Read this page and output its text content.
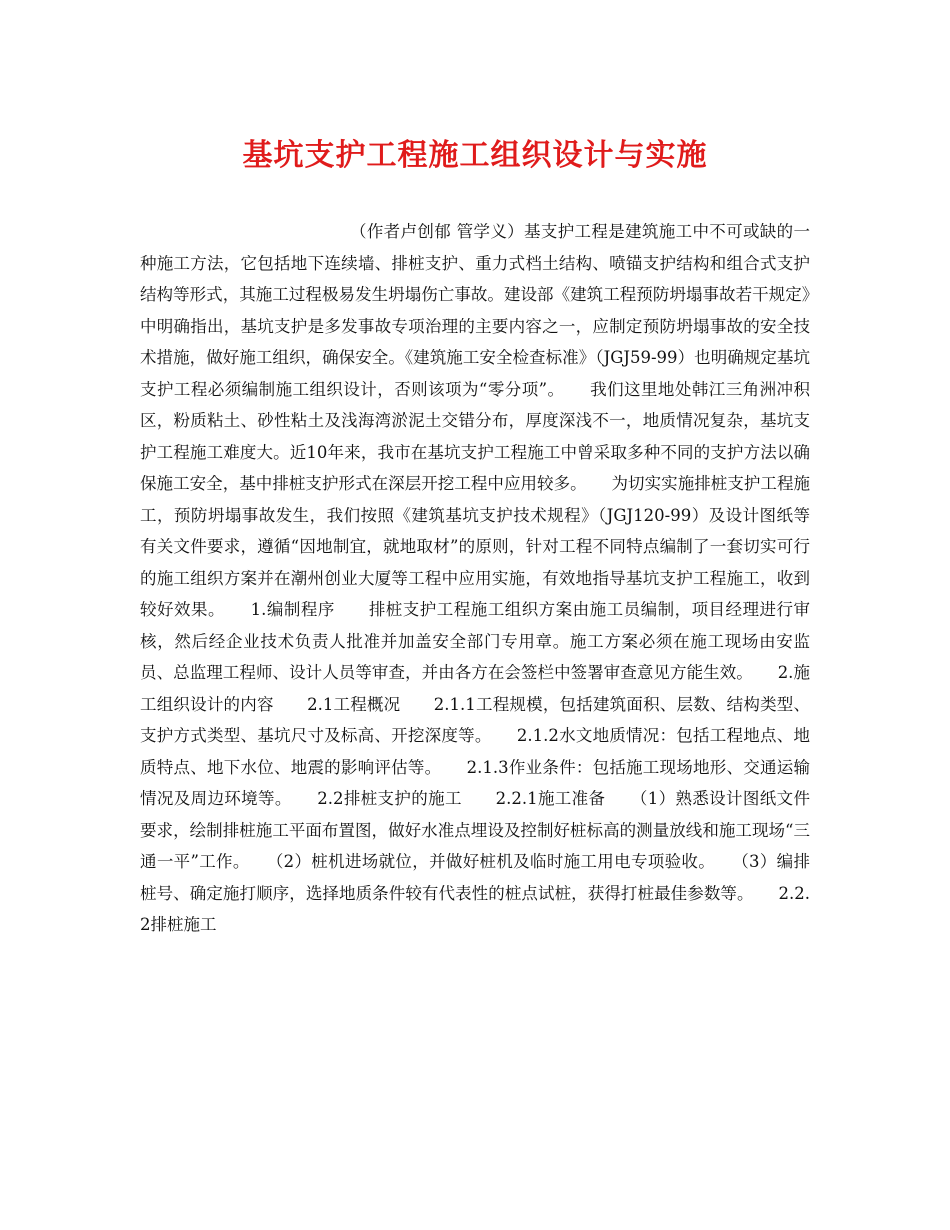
基坑支护工程施工组织设计与实施
（作者卢创郁 管学义）基支护工程是建筑施工中不可或缺的一种施工方法，它包括地下连续墙、排桩支护、重力式档土结构、喷锚支护结构和组合式支护结构等形式，其施工过程极易发生坍塌伤亡事故。建设部《建筑工程预防坍塌事故若干规定》中明确指出，基坑支护是多发事故专项治理的主要内容之一，应制定预防坍塌事故的安全技术措施，做好施工组织，确保安全。《建筑施工安全检查标准》（JGJ59-99）也明确规定基坑支护工程必须编制施工组织设计，否则该项为“零分项”。　　我们这里地处韩江三角洲冲积区，粉质粘土、砂性粘土及浅海湾淤泥土交错分布，厚度深浅不一，地质情况复杂，基坑支护工程施工难度大。近10年来，我市在基坑支护工程施工中曾采取多种不同的支护方法以确保施工安全，基中排桩支护形式在深层开挖工程中应用较多。　　为切实实施排桩支护工程施工，预防坍塌事故发生，我们按照《建筑基坑支护技术规程》（JGJ120-99）及设计图纸等有关文件要求，遵循“因地制宜，就地取材”的原则，针对工程不同特点编制了一套切实可行的施工组织方案并在潮州创业大厦等工程中应用实施，有效地指导基坑支护工程施工，收到较好效果。　　1.编制程序　　排桩支护工程施工组织方案由施工员编制，项目经理进行审核，然后经企业技术负责人批准并加盖安全部门专用章。施工方案必须在施工现场由安监员、总监理工程师、设计人员等审查，并由各方在会签栏中签署审查意见方能生效。　　2.施工组织设计的内容　　2.1工程概况　　2.1.1工程规模，包括建筑面积、层数、结构类型、支护方式类型、基坑尺寸及标高、开挖深度等。　　2.1.2水文地质情况：包括工程地点、地质特点、地下水位、地震的影响评估等。　　2.1.3作业条件：包括施工现场地形、交通运输情况及周边环境等。　　2.2排桩支护的施工　　2.2.1施工准备　　（1）熟悉设计图纸文件要求，绘制排桩施工平面布置图，做好水准点埋设及控制好桩标高的测量放线和施工现场“三通一平”工作。　　（2）桩机进场就位，并做好桩机及临时施工用电专项验收。　　（3）编排桩号、确定施打顺序，选择地质条件较有代表性的桩点试桩，获得打桩最佳参数等。　　2.2.2排桩施工
